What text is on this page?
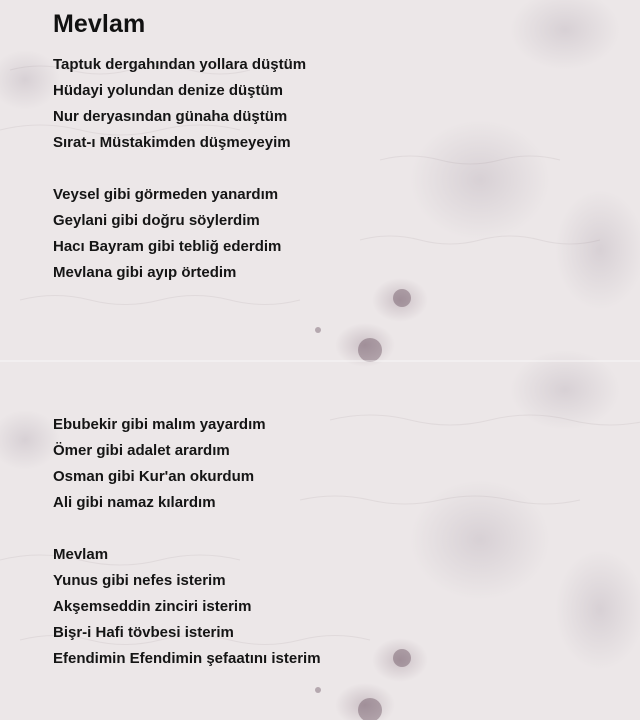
Mevlam
Taptuk dergahından yollara düştüm
Hüdayi yolundan denize düştüm
Nur deryasından günaha düştüm
Sırat-ı Müstakimden düşmeyeyim
Veysel gibi görmeden yanardım
Geylani gibi doğru söylerdim
Hacı Bayram gibi tebliğ ederdim
Mevlana gibi ayıp örtedim
Ebubekir gibi malım yayardım
Ömer gibi adalet arardım
Osman gibi Kur'an okurdum
Ali gibi namaz kılardım
Mevlam
Yunus gibi nefes isterim
Akşemseddin zinciri isterim
Bişr-i Hafi tövbesi isterim
Efendimin Efendimin şefaatını isterim
